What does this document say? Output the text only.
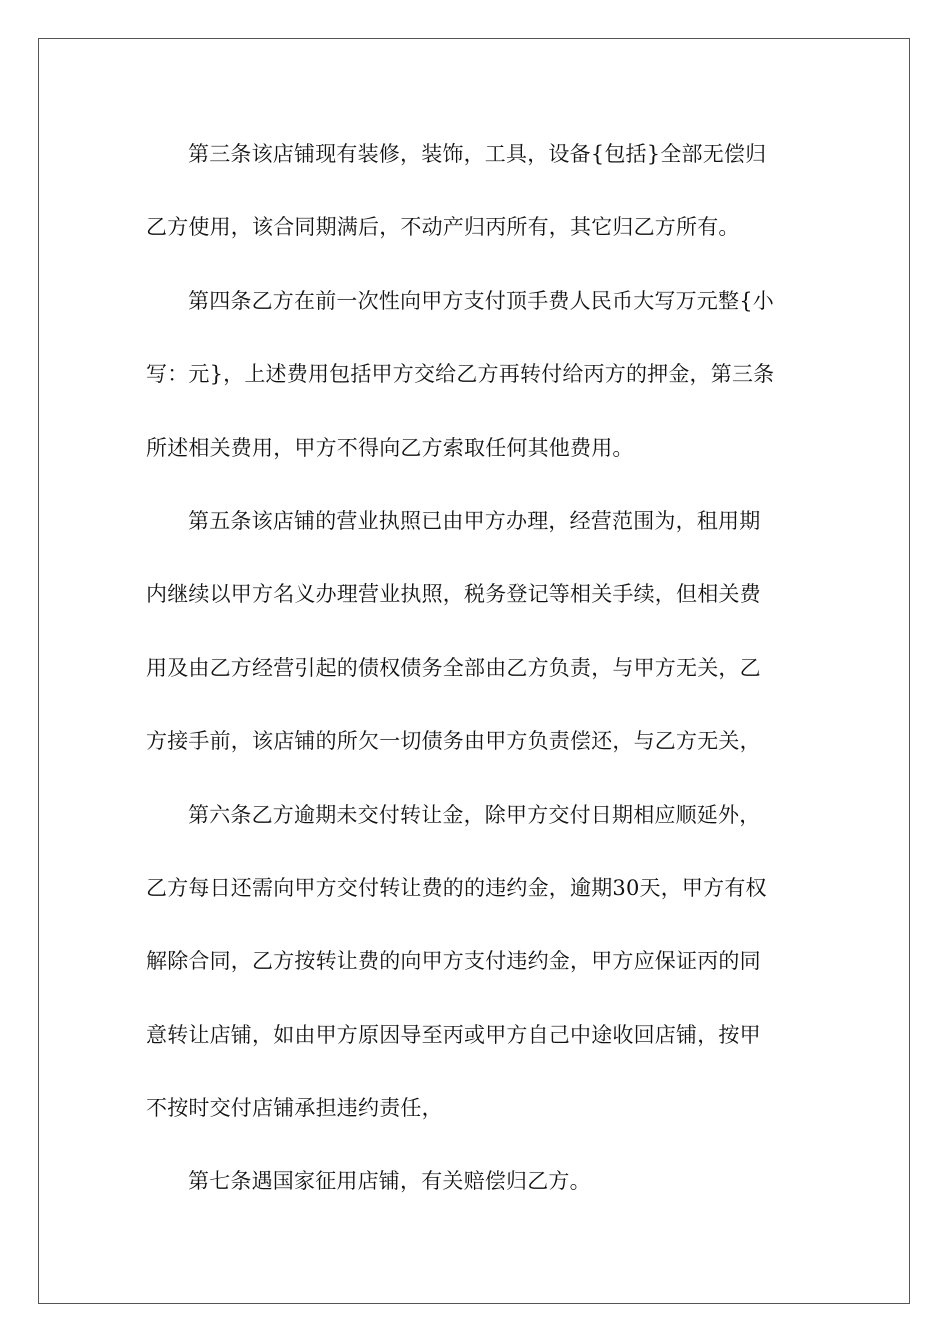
第三条该店铺现有装修，装饰，工具，设备{包括}全部无偿归
乙方使用，该合同期满后，不动产归丙所有，其它归乙方所有。
第四条乙方在前一次性向甲方支付顶手费人民币大写万元整{小
写：元}，上述费用包括甲方交给乙方再转付给丙方的押金，第三条
所述相关费用，甲方不得向乙方索取任何其他费用。
第五条该店铺的营业执照已由甲方办理，经营范围为，租用期
内继续以甲方名义办理营业执照，税务登记等相关手续，但相关费
用及由乙方经营引起的债权债务全部由乙方负责，与甲方无关，乙
方接手前，该店铺的所欠一切债务由甲方负责偿还，与乙方无关，
第六条乙方逾期未交付转让金，除甲方交付日期相应顺延外，
乙方每日还需向甲方交付转让费的的违约金，逾期30天，甲方有权
解除合同，乙方按转让费的向甲方支付违约金，甲方应保证丙的同
意转让店铺，如由甲方原因导至丙或甲方自己中途收回店铺，按甲
不按时交付店铺承担违约责任，
第七条遇国家征用店铺，有关赔偿归乙方。
